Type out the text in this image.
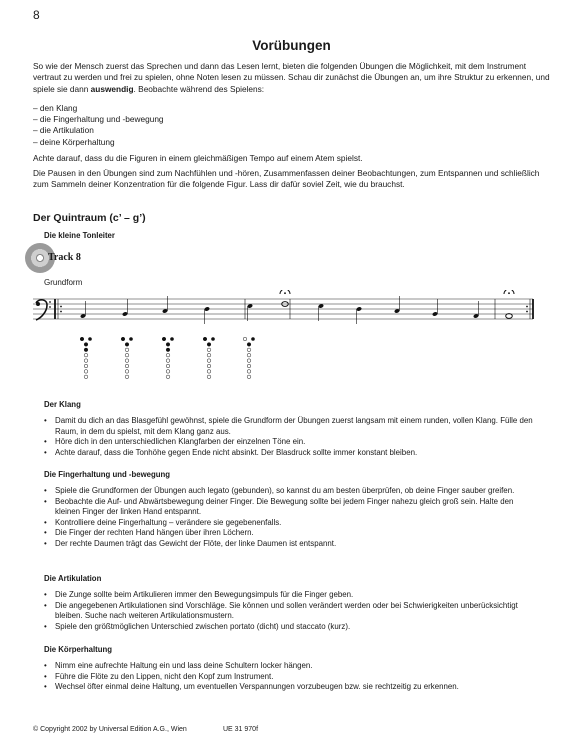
8
Vorübungen

So wie der Mensch zuerst das Sprechen und dann das Lesen lernt, bieten die folgenden Übungen die Möglichkeit, mit dem Instrument vertraut zu werden und frei zu spielen, ohne Noten lesen zu müssen. Schau dir zunächst die Übungen an, um ihre Struktur zu erkennen, und spiele sie dann auswendig. Beobachte während des Spielens:

– den Klang
– die Fingerhaltung und -bewegung
– die Artikulation
– deine Körperhaltung

Achte darauf, dass du die Figuren in einem gleichmäßigen Tempo auf einem Atem spielst.

Die Pausen in den Übungen sind zum Nachfühlen und -hören, Zusammenfassen deiner Beobachtungen, zum Entspannen und schließlich zum Sammeln deiner Konzentration für die folgende Figur. Lass dir dafür soviel Zeit, wie du brauchst.

Der Quintraum (c’ – g’)
Die kleine Tonleiter
Track 8
Grundform
Der Klang
• Damit du dich an das Blasgefühl gewöhnst, spiele die Grundform der Übungen zuerst langsam mit einem runden, vollen Klang. Fülle den Raum, in dem du spielst, mit dem Klang ganz aus.
• Höre dich in den unterschiedlichen Klangfarben der einzelnen Töne ein.
• Achte darauf, dass die Tonhöhe gegen Ende nicht absinkt. Der Blasdruck sollte immer konstant bleiben.
Die Fingerhaltung und -bewegung
• Spiele die Grundformen der Übungen auch legato (gebunden), so kannst du am besten überprüfen, ob deine Finger sauber greifen.
• Beobachte die Auf- und Abwärtsbewegung deiner Finger. Die Bewegung sollte bei jedem Finger nahezu gleich groß sein. Halte den kleinen Finger der linken Hand entspannt.
• Kontrolliere deine Fingerhaltung – verändere sie gegebenenfalls.
• Die Finger der rechten Hand hängen über ihren Löchern.
• Der rechte Daumen trägt das Gewicht der Flöte, der linke Daumen ist entspannt.
Die Artikulation
• Die Zunge sollte beim Artikulieren immer den Bewegungsimpuls für die Finger geben.
• Die angegebenen Artikulationen sind Vorschläge. Sie können und sollen verändert werden oder bei Schwierigkeiten unberücksichtigt bleiben. Suche nach weiteren Artikulationsmustern.
• Spiele den größtmöglichen Unterschied zwischen portato (dicht) und staccato (kurz).
Die Körperhaltung
• Nimm eine aufrechte Haltung ein und lass deine Schultern locker hängen.
• Führe die Flöte zu den Lippen, nicht den Kopf zum Instrument.
• Wechsel öfter einmal deine Haltung, um eventuellen Verspannungen vorzubeugen bzw. sie rechtzeitig zu erkennen.
© Copyright 2002 by Universal Edition A.G., Wien	UE 31 970f
